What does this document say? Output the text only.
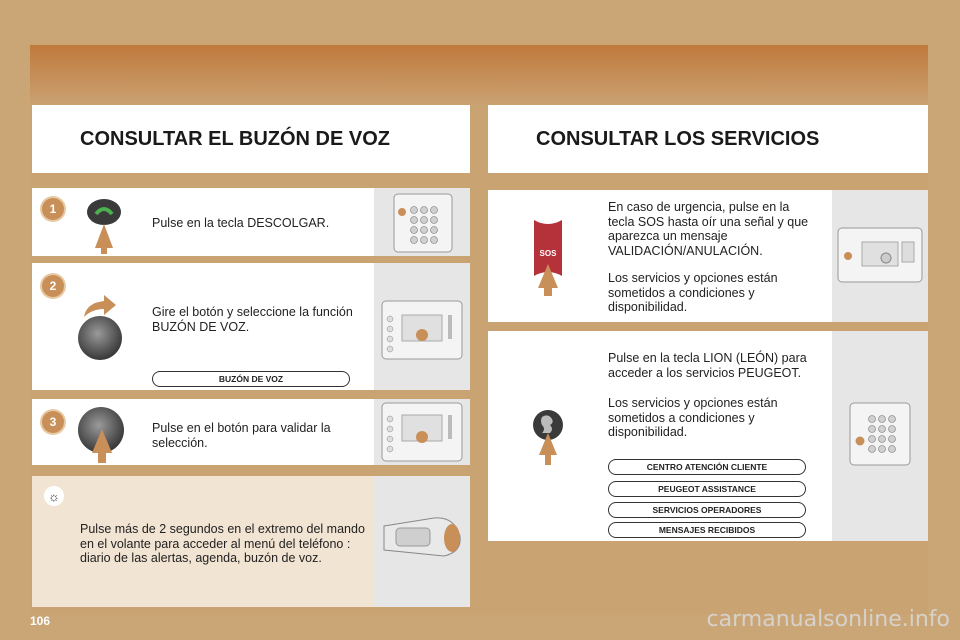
CONSULTAR EL BUZÓN DE VOZ	CONSULTAR LOS SERVICIOS
1
Pulse en la tecla DESCOLGAR.
2
Gire el botón y seleccione la función BUZÓN DE VOZ.
BUZÓN DE VOZ
3	Pulse en el botón para validar la selección.
☼
Pulse más de 2 segundos en el extremo del mando en el volante para acceder al menú del teléfono : diario de las alertas, agenda, buzón de voz.
SOS
En caso de urgencia, pulse en la tecla SOS hasta oír una señal y que aparezca un mensaje VALIDACIÓN/ANULACIÓN.
Los servicios y opciones están sometidos a condiciones y disponibilidad.
Pulse en la tecla LION (LEÓN) para acceder a los servicios PEUGEOT.
Los servicios y opciones están sometidos a condiciones y disponibilidad.
CENTRO ATENCIÓN CLIENTE
PEUGEOT ASSISTANCE
SERVICIOS OPERADORES
MENSAJES RECIBIDOS
106	carmanualsonline.info
